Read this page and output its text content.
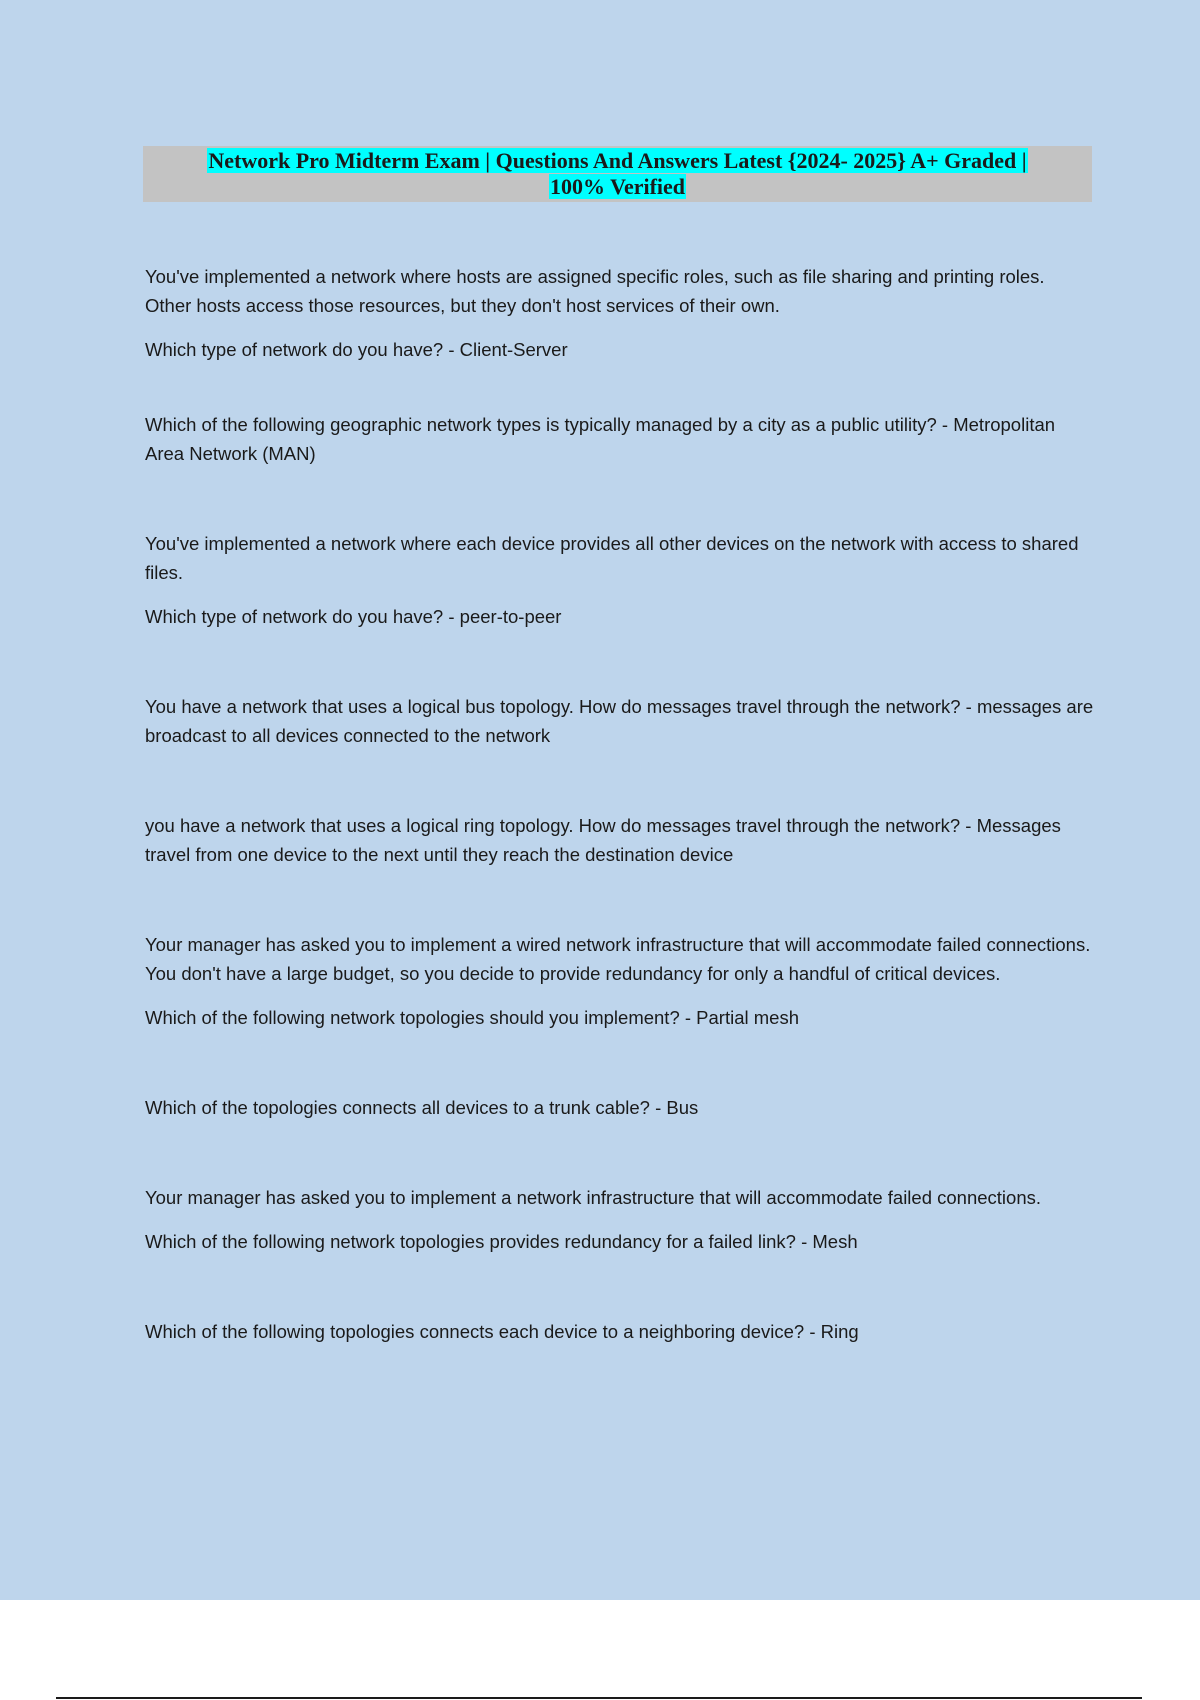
Network Pro Midterm Exam | Questions And Answers Latest {2024- 2025} A+ Graded |
100% Verified

You've implemented a network where hosts are assigned specific roles, such as file sharing and printing roles. Other hosts access those resources, but they don't host services of their own.

Which type of network do you have? - Client-Server

Which of the following geographic network types is typically managed by a city as a public utility? - Metropolitan Area Network (MAN)

You've implemented a network where each device provides all other devices on the network with access to shared files.

Which type of network do you have? - peer-to-peer

You have a network that uses a logical bus topology. How do messages travel through the network? - messages are broadcast to all devices connected to the network

you have a network that uses a logical ring topology. How do messages travel through the network? - Messages travel from one device to the next until they reach the destination device

Your manager has asked you to implement a wired network infrastructure that will accommodate failed connections. You don't have a large budget, so you decide to provide redundancy for only a handful of critical devices.

Which of the following network topologies should you implement? - Partial mesh

Which of the topologies connects all devices to a trunk cable? - Bus

Your manager has asked you to implement a network infrastructure that will accommodate failed connections.

Which of the following network topologies provides redundancy for a failed link? - Mesh

Which of the following topologies connects each device to a neighboring device? - Ring
